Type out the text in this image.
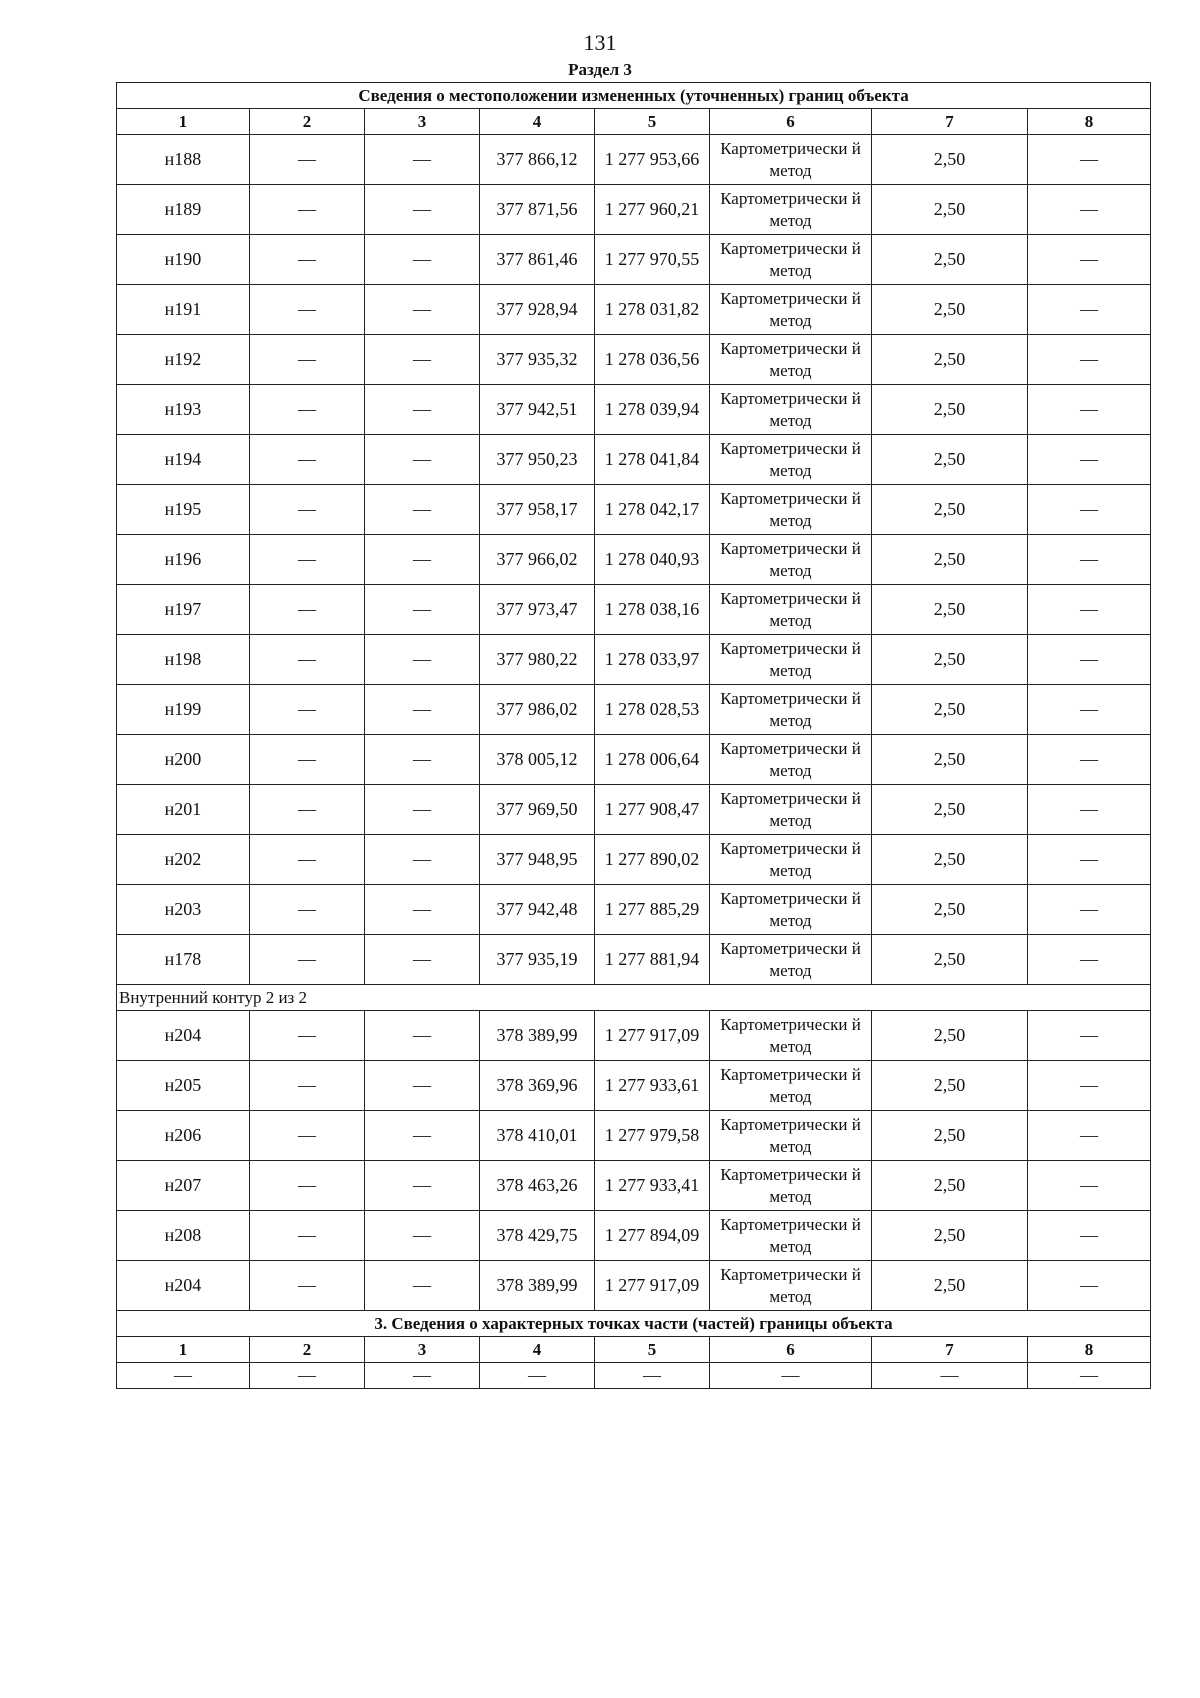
131
Раздел 3
Сведения о местоположении измененных (уточненных) границ объекта							
1	2	3	4	5	6	7	8
н188	—	—	377 866,12	1 277 953,66	Картометрически й метод	2,50	—
н189	—	—	377 871,56	1 277 960,21	Картометрически й метод	2,50	—
н190	—	—	377 861,46	1 277 970,55	Картометрически й метод	2,50	—
н191	—	—	377 928,94	1 278 031,82	Картометрически й метод	2,50	—
н192	—	—	377 935,32	1 278 036,56	Картометрически й метод	2,50	—
н193	—	—	377 942,51	1 278 039,94	Картометрически й метод	2,50	—
н194	—	—	377 950,23	1 278 041,84	Картометрически й метод	2,50	—
н195	—	—	377 958,17	1 278 042,17	Картометрически й метод	2,50	—
н196	—	—	377 966,02	1 278 040,93	Картометрически й метод	2,50	—
н197	—	—	377 973,47	1 278 038,16	Картометрически й метод	2,50	—
н198	—	—	377 980,22	1 278 033,97	Картометрически й метод	2,50	—
н199	—	—	377 986,02	1 278 028,53	Картометрически й метод	2,50	—
н200	—	—	378 005,12	1 278 006,64	Картометрически й метод	2,50	—
н201	—	—	377 969,50	1 277 908,47	Картометрически й метод	2,50	—
н202	—	—	377 948,95	1 277 890,02	Картометрически й метод	2,50	—
н203	—	—	377 942,48	1 277 885,29	Картометрически й метод	2,50	—
н178	—	—	377 935,19	1 277 881,94	Картометрически й метод	2,50	—
Внутренний контур 2 из 2							
н204	—	—	378 389,99	1 277 917,09	Картометрически й метод	2,50	—
н205	—	—	378 369,96	1 277 933,61	Картометрически й метод	2,50	—
н206	—	—	378 410,01	1 277 979,58	Картометрически й метод	2,50	—
н207	—	—	378 463,26	1 277 933,41	Картометрически й метод	2,50	—
н208	—	—	378 429,75	1 277 894,09	Картометрически й метод	2,50	—
н204	—	—	378 389,99	1 277 917,09	Картометрически й метод	2,50	—
3. Сведения о характерных точках части (частей) границы объекта							
1	2	3	4	5	6	7	8
—	—	—	—	—	—	—	—
